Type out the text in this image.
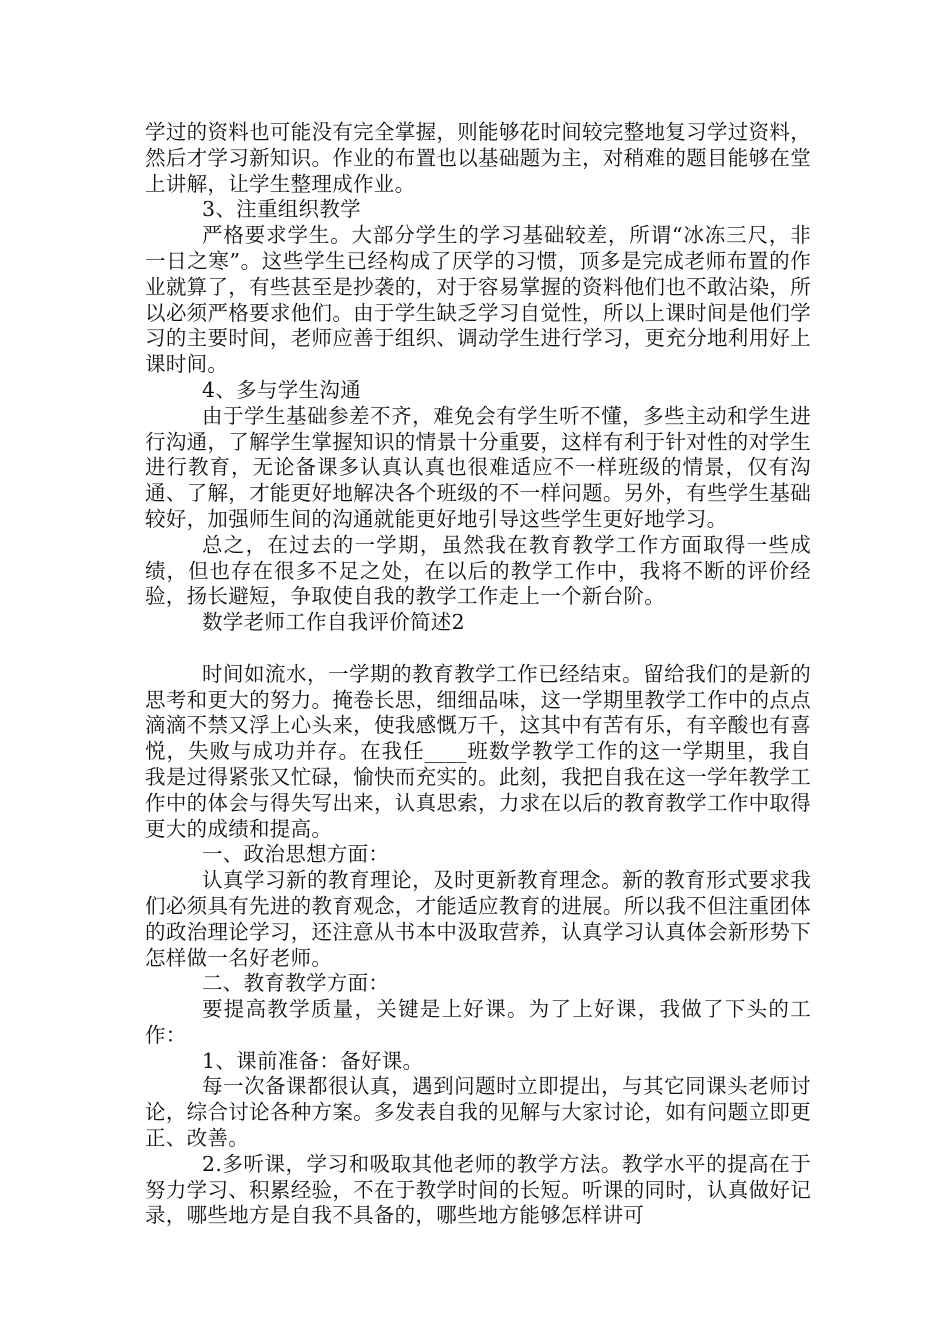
学过的资料也可能没有完全掌握，则能够花时间较完整地复习学过资料，然后才学习新知识。作业的布置也以基础题为主，对稍难的题目能够在堂上讲解，让学生整理成作业。

3、注重组织教学

严格要求学生。大部分学生的学习基础较差，所谓“冰冻三尺，非一日之寒”。这些学生已经构成了厌学的习惯，顶多是完成老师布置的作业就算了，有些甚至是抄袭的，对于容易掌握的资料他们也不敢沾染，所以必须严格要求他们。由于学生缺乏学习自觉性，所以上课时间是他们学习的主要时间，老师应善于组织、调动学生进行学习，更充分地利用好上课时间。

4、多与学生沟通

由于学生基础参差不齐，难免会有学生听不懂，多些主动和学生进行沟通，了解学生掌握知识的情景十分重要，这样有利于针对性的对学生进行教育，无论备课多认真认真也很难适应不一样班级的情景，仅有沟通、了解，才能更好地解决各个班级的不一样问题。另外，有些学生基础较好，加强师生间的沟通就能更好地引导这些学生更好地学习。

总之，在过去的一学期，虽然我在教育教学工作方面取得一些成绩，但也存在很多不足之处，在以后的教学工作中，我将不断的评价经验，扬长避短，争取使自我的教学工作走上一个新台阶。

数学老师工作自我评价简述2

时间如流水，一学期的教育教学工作已经结束。留给我们的是新的思考和更大的努力。掩卷长思，细细品味，这一学期里教学工作中的点点滴滴不禁又浮上心头来，使我感慨万千，这其中有苦有乐，有辛酸也有喜悦，失败与成功并存。在我任____班数学教学工作的这一学期里，我自我是过得紧张又忙碌，愉快而充实的。此刻，我把自我在这一学年教学工作中的体会与得失写出来，认真思索，力求在以后的教育教学工作中取得更大的成绩和提高。

一、政治思想方面：

认真学习新的教育理论，及时更新教育理念。新的教育形式要求我们必须具有先进的教育观念，才能适应教育的进展。所以我不但注重团体的政治理论学习，还注意从书本中汲取营养，认真学习认真体会新形势下怎样做一名好老师。

二、教育教学方面：

要提高教学质量，关键是上好课。为了上好课，我做了下头的工作：

1、课前准备：备好课。

每一次备课都很认真，遇到问题时立即提出，与其它同课头老师讨论，综合讨论各种方案。多发表自我的见解与大家讨论，如有问题立即更正、改善。

2.多听课，学习和吸取其他老师的教学方法。教学水平的提高在于努力学习、积累经验，不在于教学时间的长短。听课的同时，认真做好记录，哪些地方是自我不具备的，哪些地方能够怎样讲可
